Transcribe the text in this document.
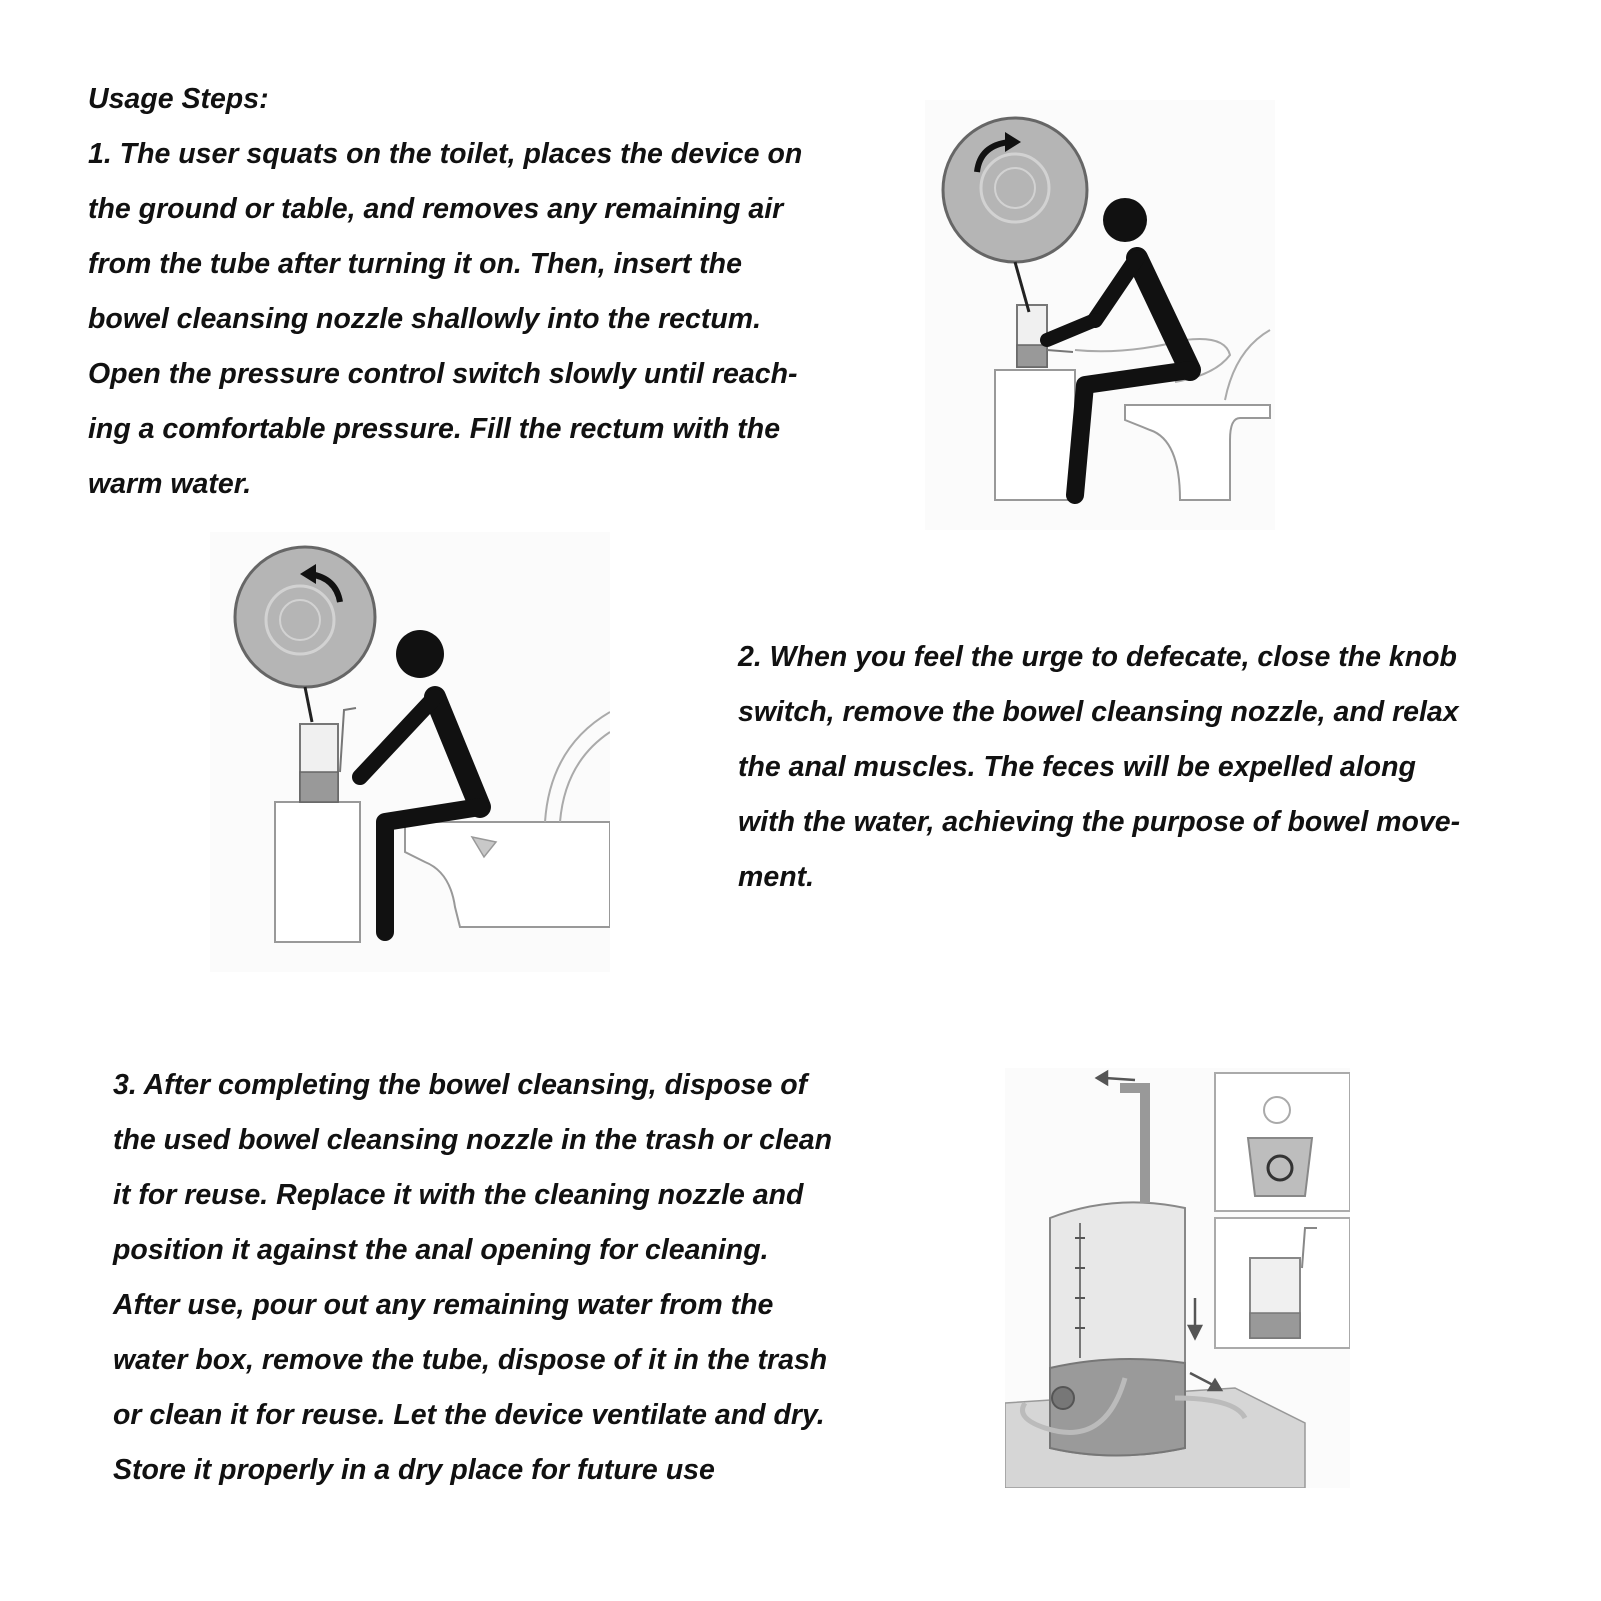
Usage Steps:
1. The user squats on the toilet, places the device on
the ground or table, and removes any remaining air
from the tube after turning it on. Then, insert the
bowel cleansing nozzle shallowly into the rectum.
Open the pressure control switch slowly until reach-
ing a comfortable pressure. Fill the rectum with the
warm water.
2. When you feel the urge to defecate, close the knob
switch, remove the bowel cleansing nozzle, and relax
the anal muscles. The feces will be expelled along
with the water, achieving the purpose of bowel move-
ment.
3. After completing the bowel cleansing, dispose of
the used bowel cleansing nozzle in the trash or clean
it for reuse. Replace it with the cleaning nozzle and
position it against the anal opening for cleaning.
After use, pour out any remaining water from the
water box, remove the tube, dispose of it in the trash
or clean it for reuse. Let the device ventilate and dry.
Store it properly in a dry place for future use
